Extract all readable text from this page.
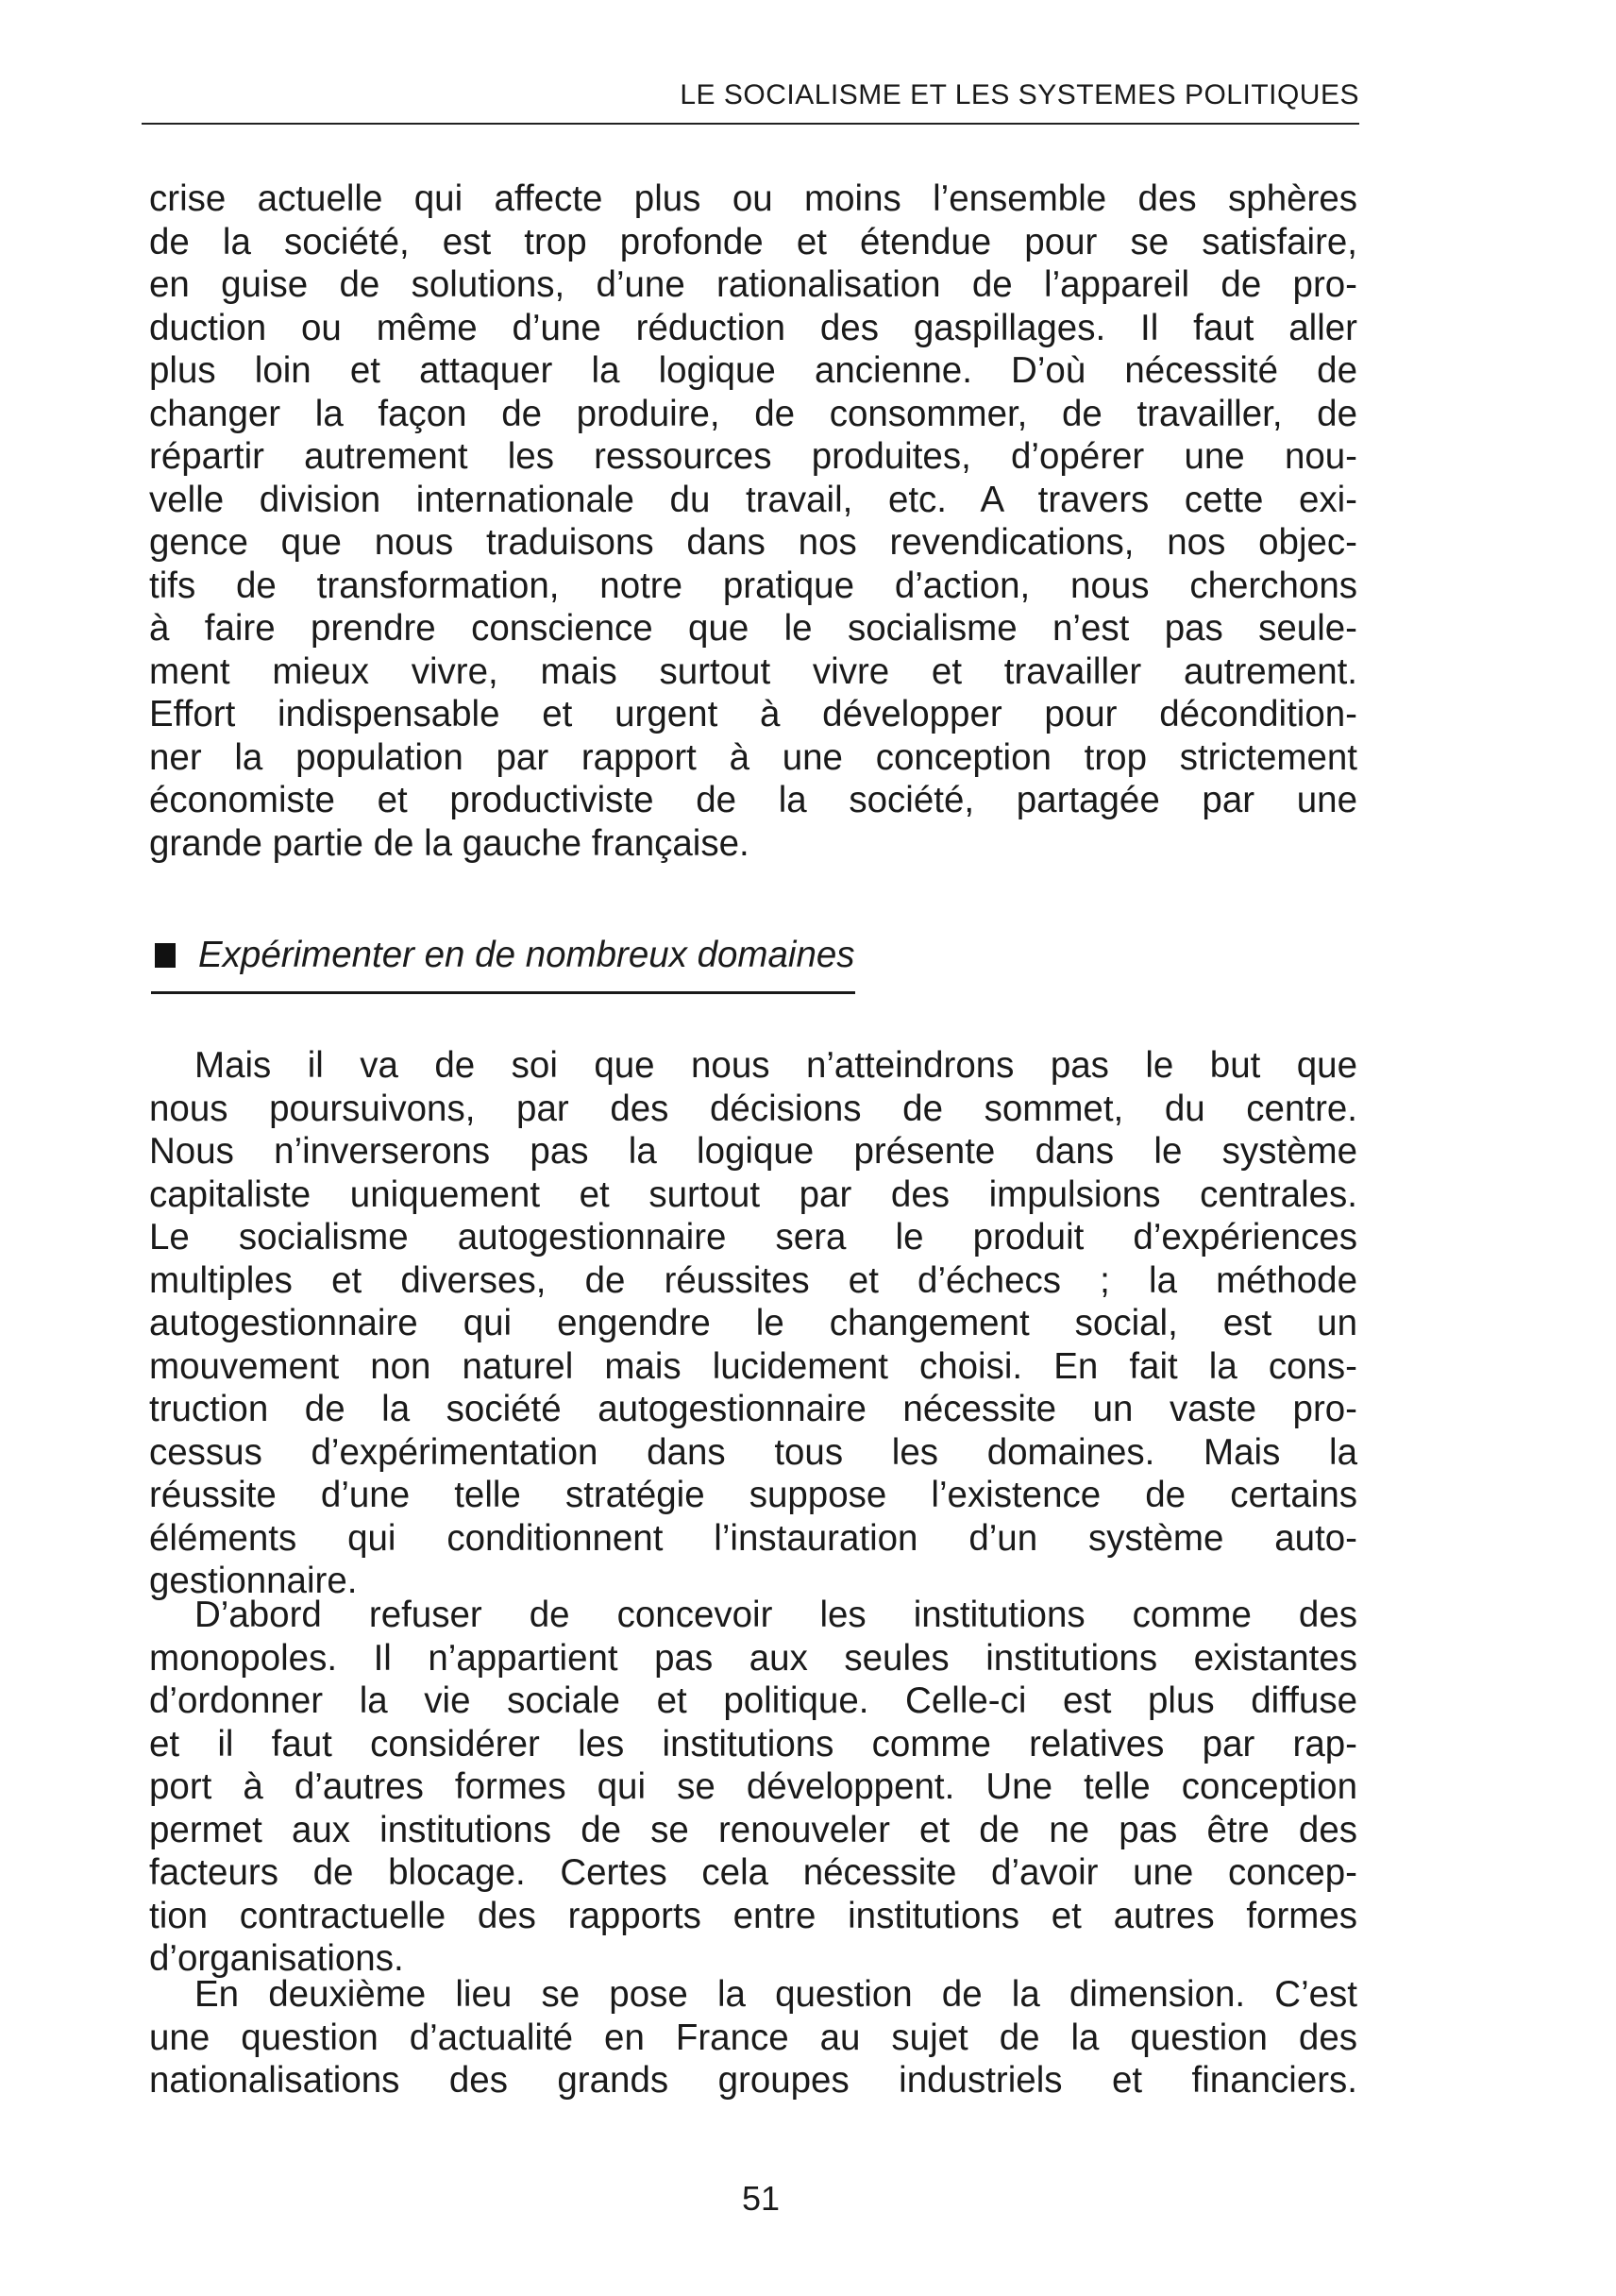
LE SOCIALISME ET LES SYSTEMES POLITIQUES
crise actuelle qui affecte plus ou moins l’ensemble des sphères
de la société, est trop profonde et étendue pour se satisfaire,
en guise de solutions, d’une rationalisation de l’appareil de pro-
duction ou même d’une réduction des gaspillages. Il faut aller
plus loin et attaquer la logique ancienne. D’où nécessité de
changer la façon de produire, de consommer, de travailler, de
répartir autrement les ressources produites, d’opérer une nou-
velle division internationale du travail, etc. A travers cette exi-
gence que nous traduisons dans nos revendications, nos objec-
tifs de transformation, notre pratique d’action, nous cherchons
à faire prendre conscience que le socialisme n’est pas seule-
ment mieux vivre, mais surtout vivre et travailler autrement.
Effort indispensable et urgent à développer pour décondition-
ner la population par rapport à une conception trop strictement
économiste et productiviste de la société, partagée par une
grande partie de la gauche française.
Expérimenter en de nombreux domaines
Mais il va de soi que nous n’atteindrons pas le but que
nous poursuivons, par des décisions de sommet, du centre.
Nous n’inverserons pas la logique présente dans le système
capitaliste uniquement et surtout par des impulsions centrales.
Le socialisme autogestionnaire sera le produit d’expériences
multiples et diverses, de réussites et d’échecs ; la méthode
autogestionnaire qui engendre le changement social, est un
mouvement non naturel mais lucidement choisi. En fait la cons-
truction de la société autogestionnaire nécessite un vaste pro-
cessus d’expérimentation dans tous les domaines. Mais la
réussite d’une telle stratégie suppose l’existence de certains
éléments qui conditionnent l’instauration d’un système auto-
gestionnaire.
D’abord refuser de concevoir les institutions comme des
monopoles. Il n’appartient pas aux seules institutions existantes
d’ordonner la vie sociale et politique. Celle-ci est plus diffuse
et il faut considérer les institutions comme relatives par rap-
port à d’autres formes qui se développent. Une telle conception
permet aux institutions de se renouveler et de ne pas être des
facteurs de blocage. Certes cela nécessite d’avoir une concep-
tion contractuelle des rapports entre institutions et autres formes
d’organisations.
En deuxième lieu se pose la question de la dimension. C’est
une question d’actualité en France au sujet de la question des
nationalisations des grands groupes industriels et financiers.
51
